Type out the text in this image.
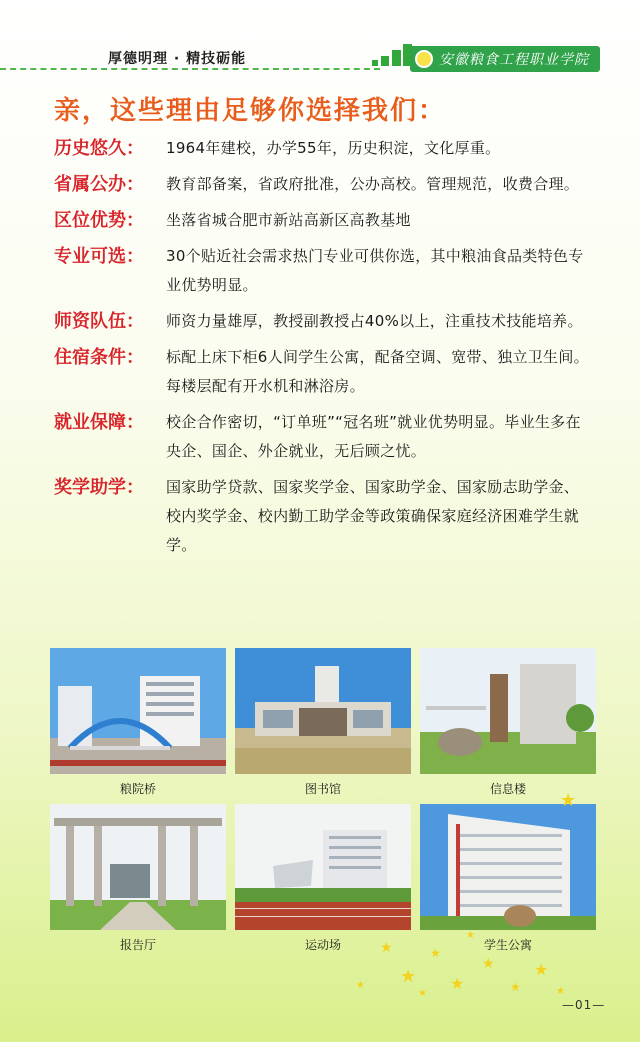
厚德明理 · 精技砺能	安徽粮食工程职业学院
亲，这些理由足够你选择我们：
历史悠久：	1964年建校，办学55年，历史积淀，文化厚重。
省属公办：	教育部备案，省政府批准，公办高校。管理规范，收费合理。
区位优势：	坐落省城合肥市新站高新区高教基地
专业可选：	30个贴近社会需求热门专业可供你选，其中粮油食品类特色专业优势明显。
师资队伍：	师资力量雄厚，教授副教授占40%以上，注重技术技能培养。
住宿条件：	标配上床下柜6人间学生公寓，配备空调、宽带、独立卫生间。每楼层配有开水机和淋浴房。
就业保障：	校企合作密切，“订单班”“冠名班”就业优势明显。毕业生多在央企、国企、外企就业，无后顾之忧。
奖学助学：	国家助学贷款、国家奖学金、国家助学金、国家励志助学金、校内奖学金、校内勤工助学金等政策确保家庭经济困难学生就学。
粮院桥	图书馆	信息楼
报告厅	运动场	学生公寓
★
★
★
★
★
★
★
★
★
★	★
★
—01—
